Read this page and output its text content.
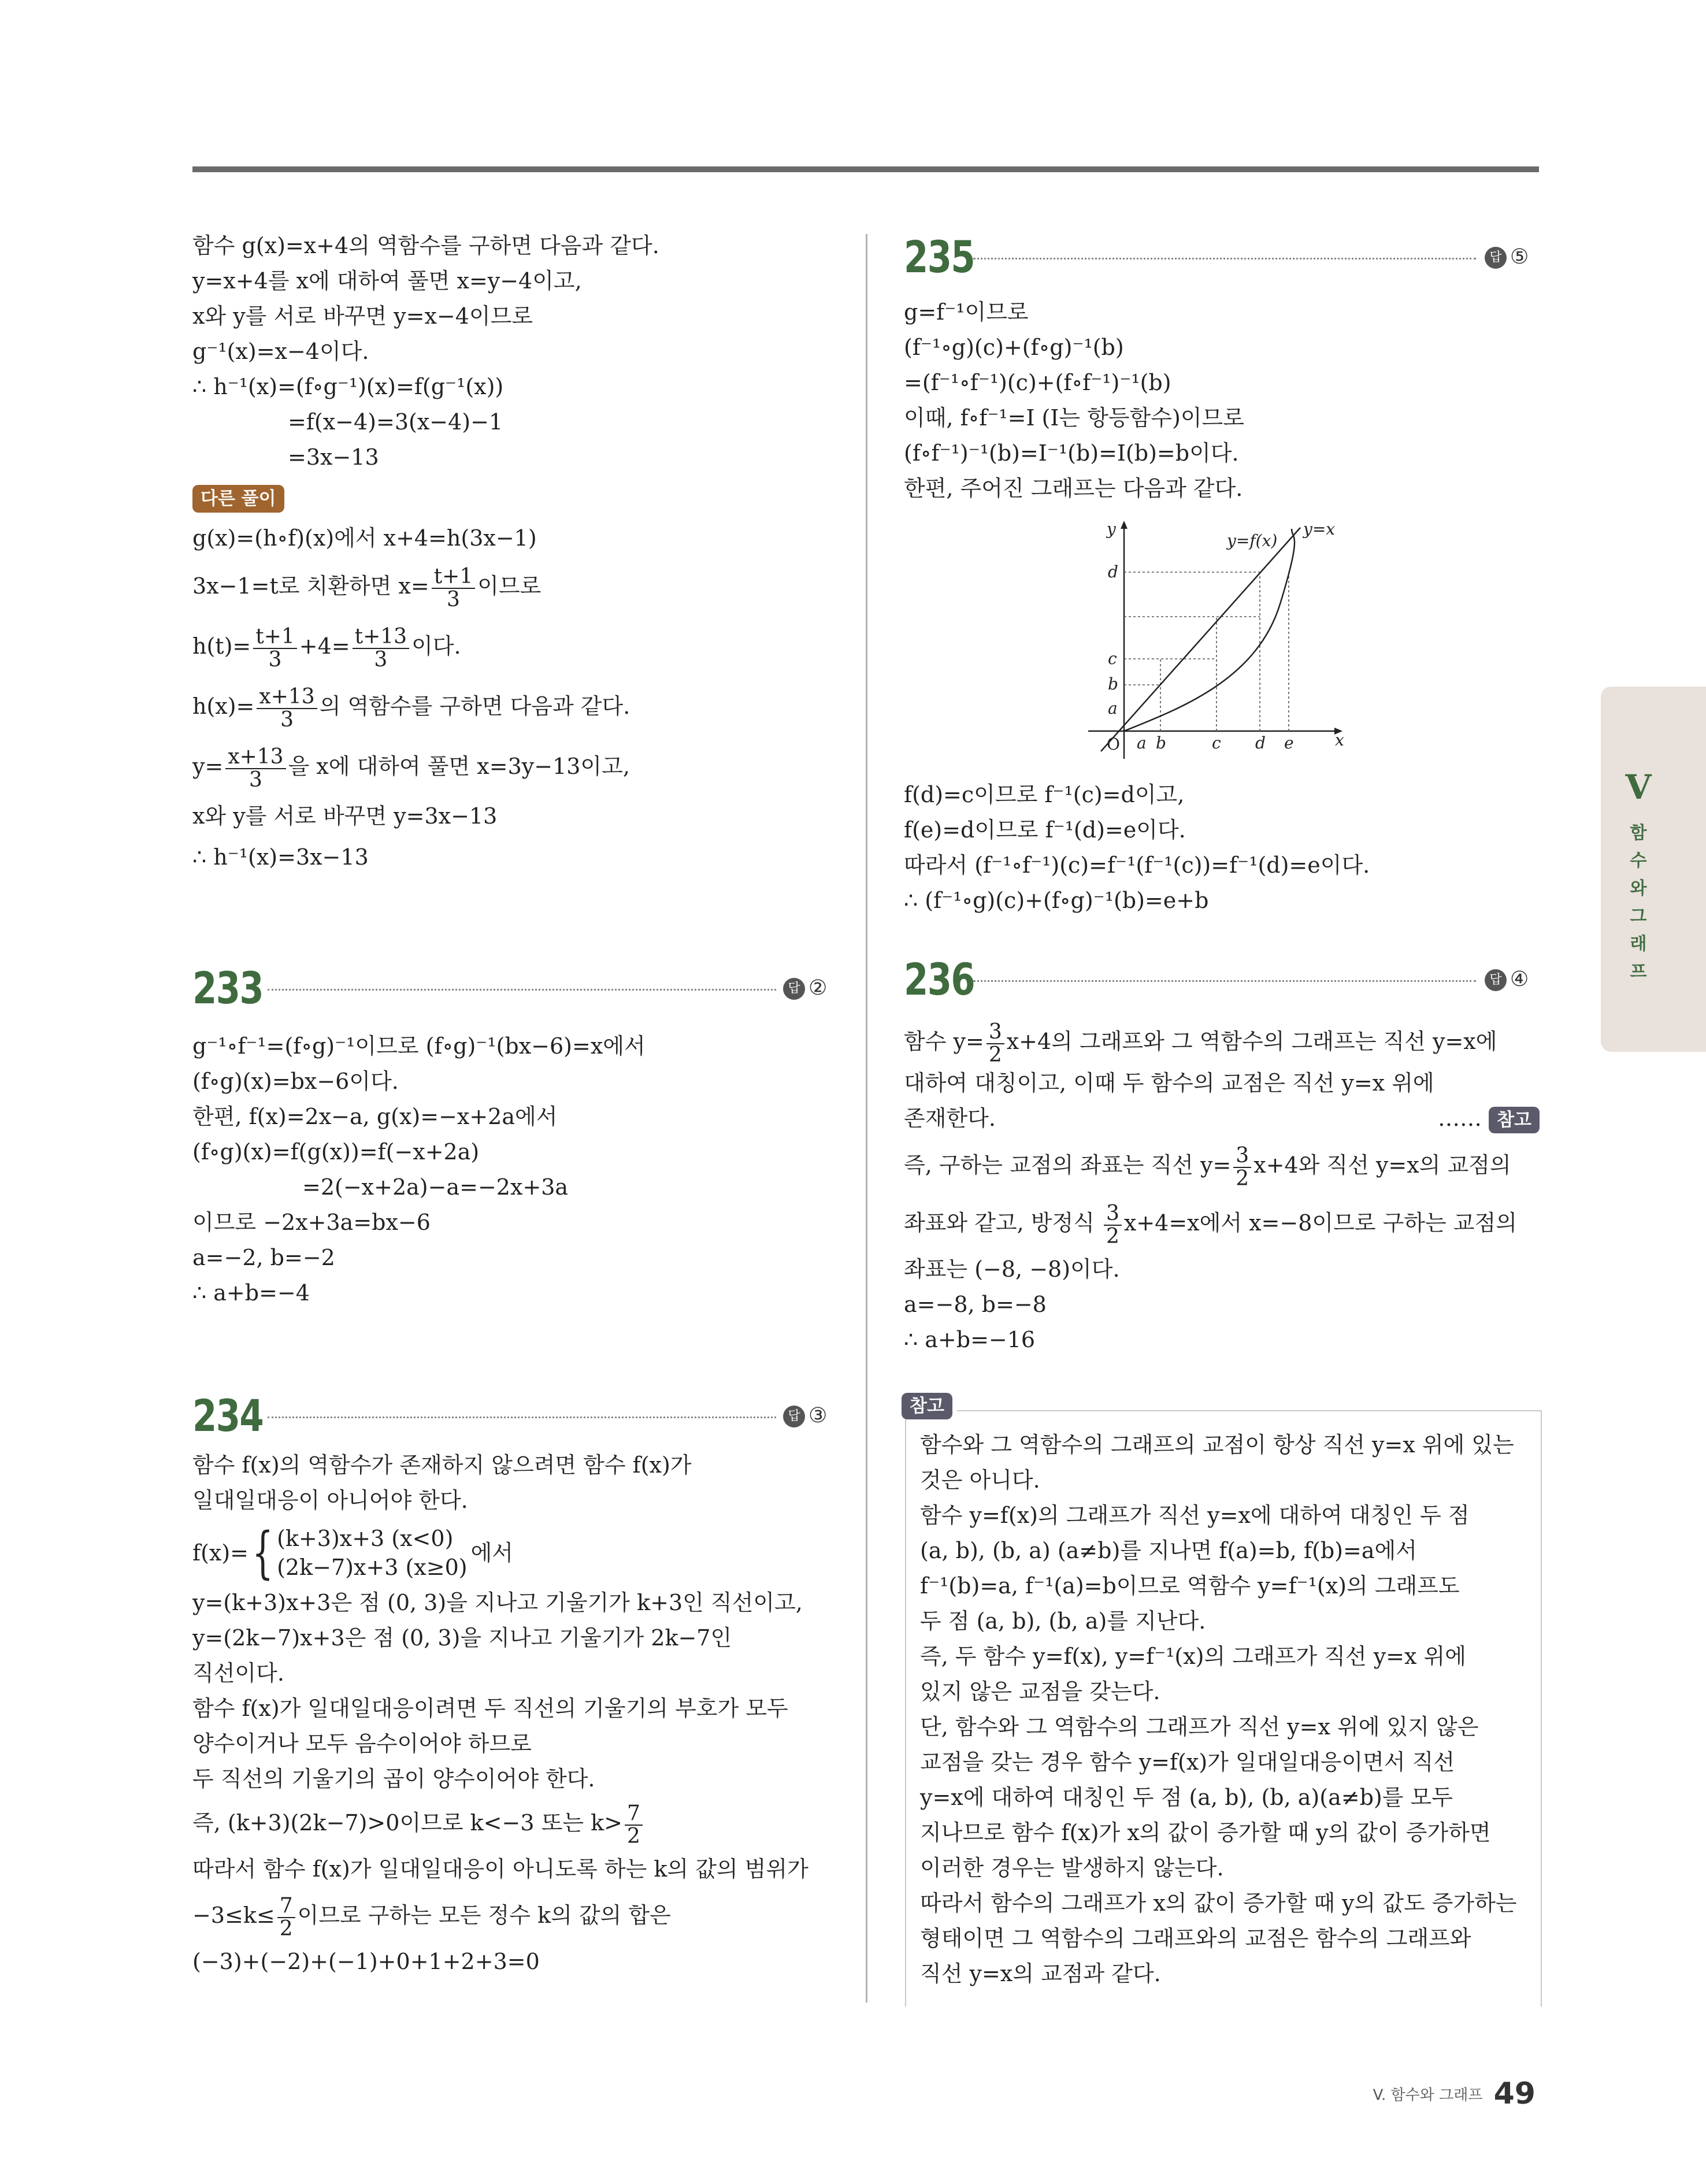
함수 g(x)=x+4의 역함수를 구하면 다음과 같다.
y=x+4를 x에 대하여 풀면 x=y−4이고,
x와 y를 서로 바꾸면 y=x−4이므로
g⁻¹(x)=x−4이다.
∴ h⁻¹(x)=(f∘g⁻¹)(x)=f(g⁻¹(x))
=f(x−4)=3(x−4)−1
=3x−13
다른 풀이
g(x)=(h∘f)(x)에서 x+4=h(3x−1)
3x−1=t로 치환하면 $x= \frac{t+1}{3}$ 이므로
$h(t)= \frac{t+1}{3} +4= \frac{t+13}{3}$ 이다.
$h(x)= \frac{x+13}{3}$ 의 역함수를 구하면 다음과 같다.
$y= \frac{x+13}{3}$ 을 x에 대하여 풀면 x=3y−13이고,
x와 y를 서로 바꾸면 y=3x−13
∴ h⁻¹(x)=3x−13
233	답 ②
g⁻¹∘f⁻¹=(f∘g)⁻¹이므로 (f∘g)⁻¹(bx−6)=x에서
(f∘g)(x)=bx−6이다.
한편, f(x)=2x−a, g(x)=−x+2a에서
(f∘g)(x)=f(g(x))=f(−x+2a)
=2(−x+2a)−a=−2x+3a
이므로 −2x+3a=bx−6
a=−2, b=−2
∴ a+b=−4
234	답 ③
함수 f(x)의 역함수가 존재하지 않으려면 함수 f(x)가
일대일대응이 아니어야 한다.
f(x)={ (k+3)x+3 (x<0)
(2k−7)x+3 (x≥0)
에서
y=(k+3)x+3은 점 (0, 3)을 지나고 기울기가 k+3인 직선이고,
y=(2k−7)x+3은 점 (0, 3)을 지나고 기울기가 2k−7인
직선이다.
함수 f(x)가 일대일대응이려면 두 직선의 기울기의 부호가 모두
양수이거나 모두 음수이어야 하므로
두 직선의 기울기의 곱이 양수이어야 한다.
즉, (k+3)(2k−7)>0이므로 k<−3 또는 $k> \frac{7}{2}$
따라서 함수 f(x)가 일대일대응이 아니도록 하는 k의 값의 범위가
$-3\le k\le \frac{7}{2}$ 이므로 구하는 모든 정수 k의 값의 합은
(−3)+(−2)+(−1)+0+1+2+3=0
235	답 ⑤
g=f⁻¹이므로
(f⁻¹∘g)(c)+(f∘g)⁻¹(b)
=(f⁻¹∘f⁻¹)(c)+(f∘f⁻¹)⁻¹(b)
이때, f∘f⁻¹=I (I는 항등함수)이므로
(f∘f⁻¹)⁻¹(b)=I⁻¹(b)=I(b)=b이다.
한편, 주어진 그래프는 다음과 같다.
y
x
O
y=f(x)
y=x
a b	c d e
a
b
c
d
f(d)=c이므로 f⁻¹(c)=d이고,
f(e)=d이므로 f⁻¹(d)=e이다.
따라서 (f⁻¹∘f⁻¹)(c)=f⁻¹(f⁻¹(c))=f⁻¹(d)=e이다.
∴ (f⁻¹∘g)(c)+(f∘g)⁻¹(b)=e+b
236	답 ④
함수 $y= \frac{3}{2} x+4$의 그래프와 그 역함수의 그래프는 직선 y=x에
대하여 대칭이고, 이때 두 함수의 교점은 직선 y=x 위에
존재한다.	…… 참고
즉, 구하는 교점의 좌표는 직선 $y= \frac{3}{2} x+4$와 직선 y=x의 교점의
좌표와 같고, 방정식 $\frac{3}{2} x+4=x$에서 x=−8이므로 구하는 교점의
좌표는 (−8, −8)이다.
a=−8, b=−8
∴ a+b=−16
참고
함수와 그 역함수의 그래프의 교점이 항상 직선 y=x 위에 있는
것은 아니다.
함수 y=f(x)의 그래프가 직선 y=x에 대하여 대칭인 두 점
(a, b), (b, a) (a≠b)를 지나면 f(a)=b, f(b)=a에서
f⁻¹(b)=a, f⁻¹(a)=b이므로 역함수 y=f⁻¹(x)의 그래프도
두 점 (a, b), (b, a)를 지난다.
즉, 두 함수 y=f(x), y=f⁻¹(x)의 그래프가 직선 y=x 위에
있지 않은 교점을 갖는다.
단, 함수와 그 역함수의 그래프가 직선 y=x 위에 있지 않은
교점을 갖는 경우 함수 y=f(x)가 일대일대응이면서 직선
y=x에 대하여 대칭인 두 점 (a, b), (b, a)(a≠b)를 모두
지나므로 함수 f(x)가 x의 값이 증가할 때 y의 값이 증가하면
이러한 경우는 발생하지 않는다.
따라서 함수의 그래프가 x의 값이 증가할 때 y의 값도 증가하는
형태이면 그 역함수의 그래프와의 교점은 함수의 그래프와
직선 y=x의 교점과 같다.
V
함
수
와
그
래
프
V. 함수와 그래프 49
